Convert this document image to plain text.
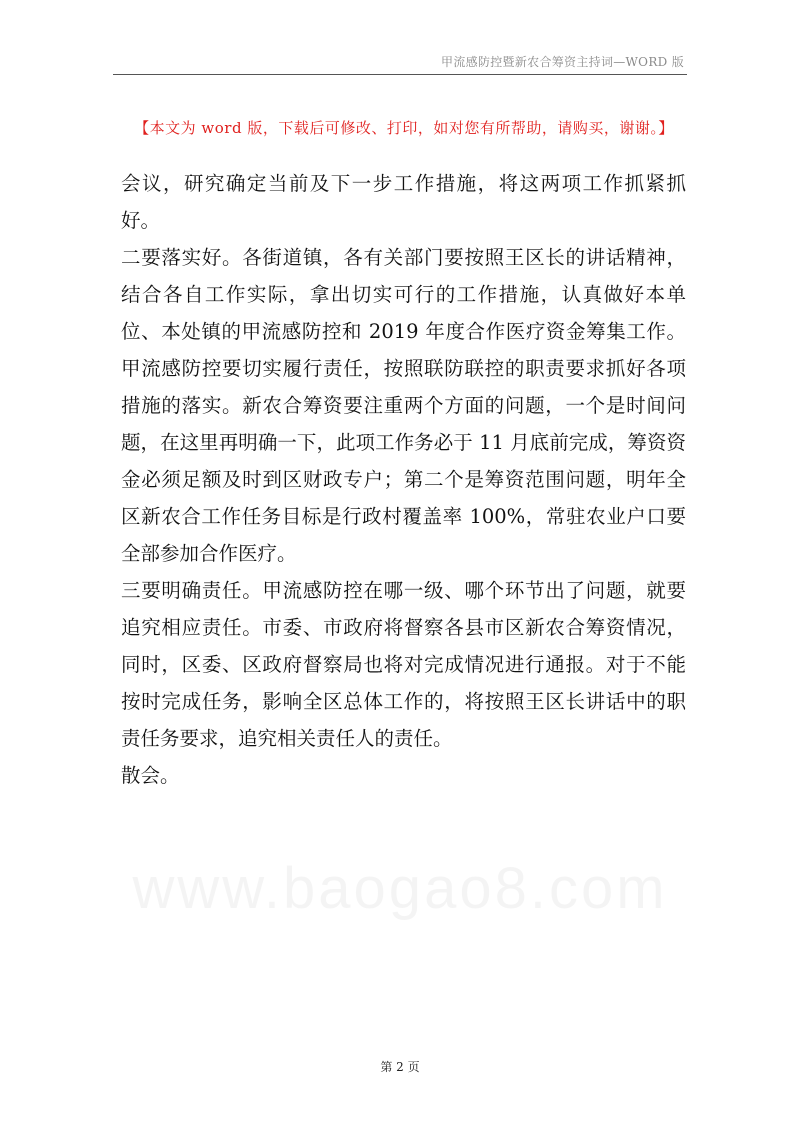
甲流感防控暨新农合筹资主持词—WORD 版
【本文为 word 版，下载后可修改、打印，如对您有所帮助，请购买，谢谢。】

会议，研究确定当前及下一步工作措施，将这两项工作抓紧抓好。

二要落实好。各街道镇，各有关部门要按照王区长的讲话精神，结合各自工作实际，拿出切实可行的工作措施，认真做好本单位、本处镇的甲流感防控和 2019 年度合作医疗资金筹集工作。甲流感防控要切实履行责任，按照联防联控的职责要求抓好各项措施的落实。新农合筹资要注重两个方面的问题，一个是时间问题，在这里再明确一下，此项工作务必于 11 月底前完成，筹资资金必须足额及时到区财政专户；第二个是筹资范围问题，明年全区新农合工作任务目标是行政村覆盖率 100%，常驻农业户口要全部参加合作医疗。

三要明确责任。甲流感防控在哪一级、哪个环节出了问题，就要追究相应责任。市委、市政府将督察各县市区新农合筹资情况，同时，区委、区政府督察局也将对完成情况进行通报。对于不能按时完成任务，影响全区总体工作的，将按照王区长讲话中的职责任务要求，追究相关责任人的责任。

散会。

第 2 页
